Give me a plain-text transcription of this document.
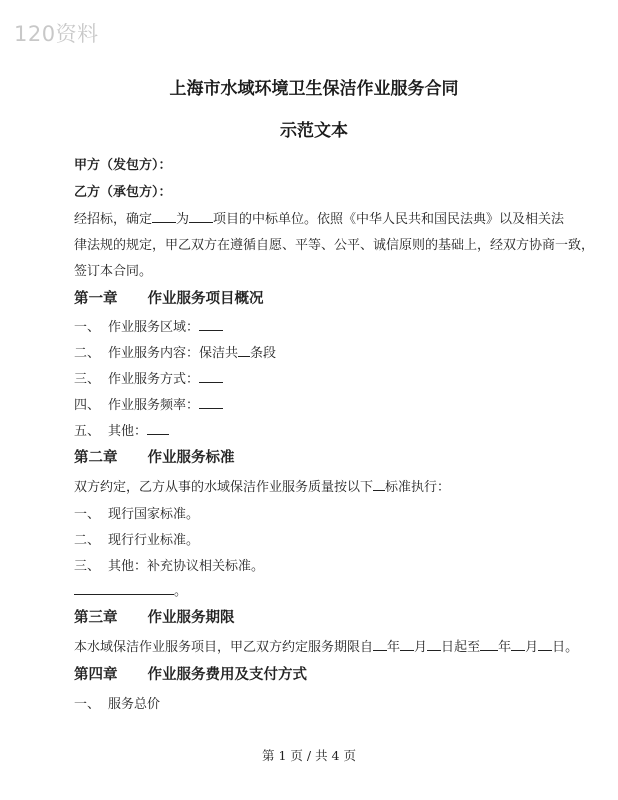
120资料
上海市水域环境卫生保洁作业服务合同
示范文本
甲方（发包方）：
乙方（承包方）：
经招标，确定 为 项目的中标单位。依照《中华人民共和国民法典》以及相关法
律法规的规定，甲乙双方在遵循自愿、平等、公平、诚信原则的基础上，经双方协商一致，
签订本合同。
第一章 作业服务项目概况
一、 作业服务区域：
二、 作业服务内容：保洁共 条段
三、 作业服务方式：
四、 作业服务频率：
五、 其他：
第二章 作业服务标准
双方约定，乙方从事的水域保洁作业服务质量按以下 标准执行：
一、 现行国家标准。
二、 现行行业标准。
三、 其他：补充协议相关标准。
。
第三章 作业服务期限
本水域保洁作业服务项目，甲乙双方约定服务期限自 年 月 日起至 年 月 日。
第四章 作业服务费用及支付方式
一、 服务总价
第 1 页 / 共 4 页
